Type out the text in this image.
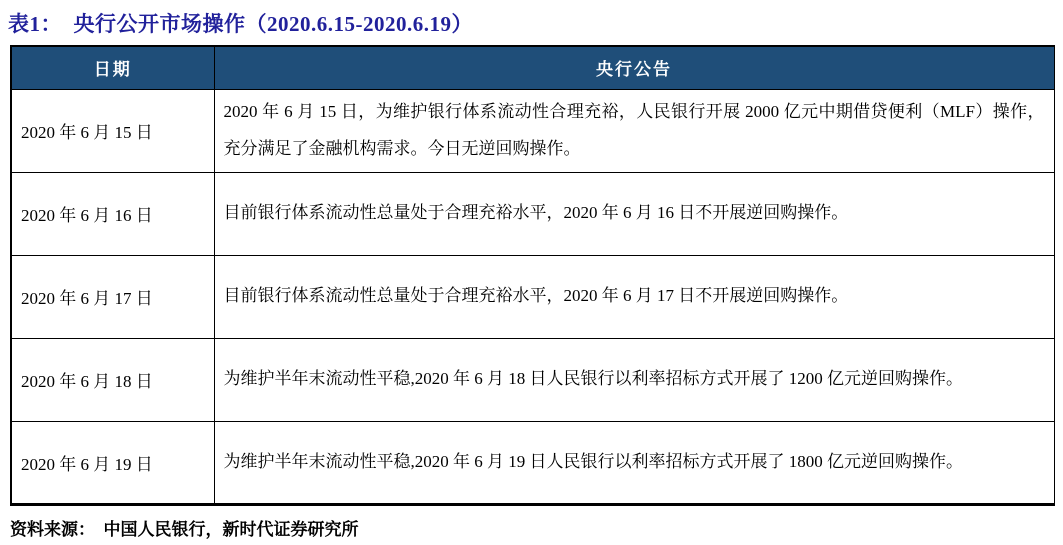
表1：  央行公开市场操作（2020.6.15-2020.6.19）
日期	央行公告
2020 年 6 月 15 日	2020 年 6 月 15 日，为维护银行体系流动性合理充裕，人民银行开展 2000 亿元中期借贷便利（MLF）操作，充分满足了金融机构需求。今日无逆回购操作。
2020 年 6 月 16 日	目前银行体系流动性总量处于合理充裕水平，2020 年 6 月 16 日不开展逆回购操作。
2020 年 6 月 17 日	目前银行体系流动性总量处于合理充裕水平，2020 年 6 月 17 日不开展逆回购操作。
2020 年 6 月 18 日	为维护半年末流动性平稳,2020 年 6 月 18 日人民银行以利率招标方式开展了 1200 亿元逆回购操作。
2020 年 6 月 19 日	为维护半年末流动性平稳,2020 年 6 月 19 日人民银行以利率招标方式开展了 1800 亿元逆回购操作。
资料来源：  中国人民银行，新时代证券研究所
